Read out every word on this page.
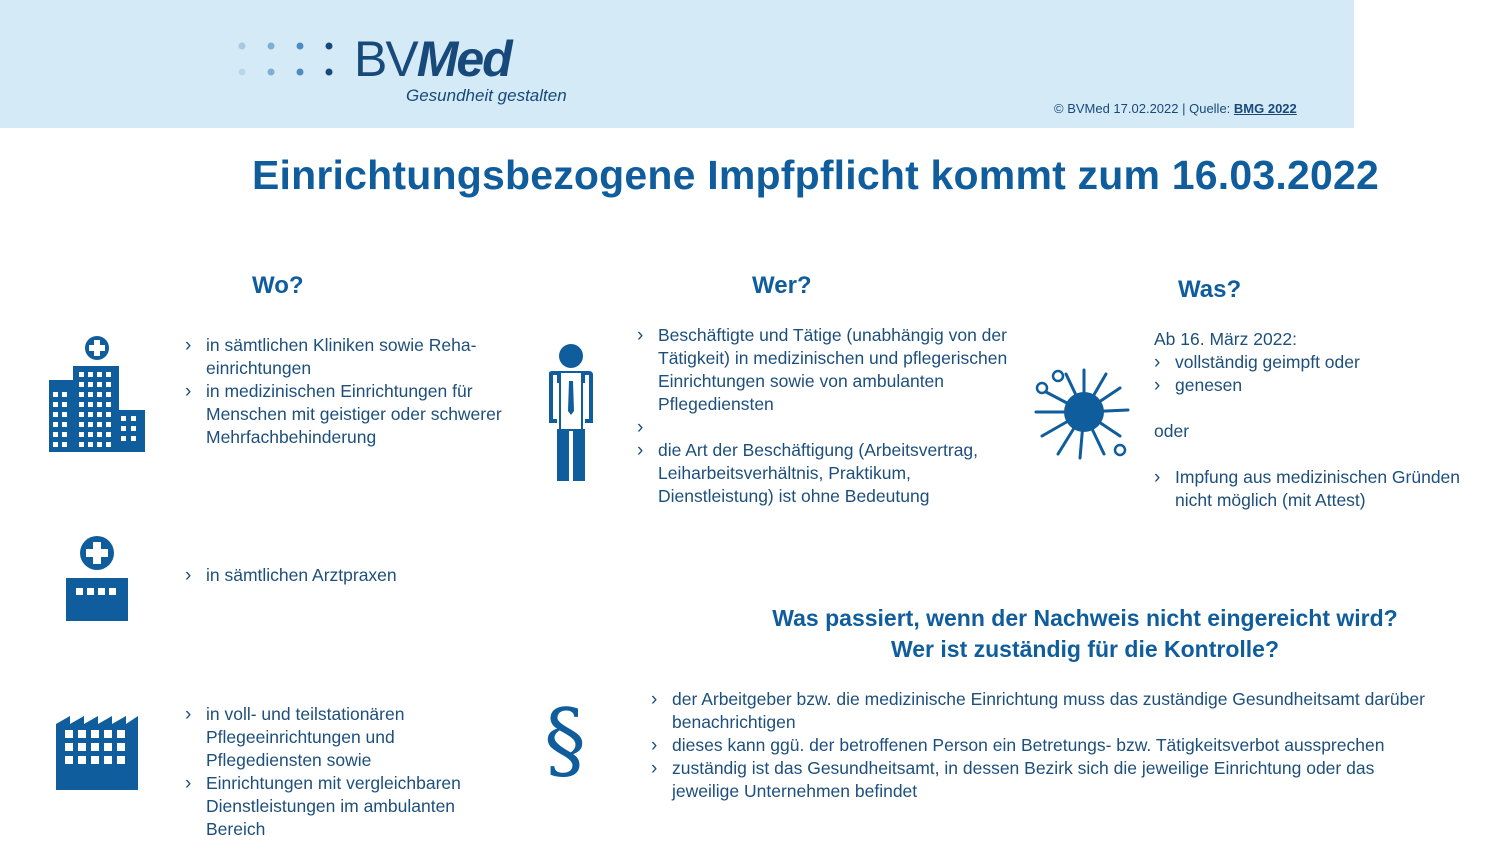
BVMed
Gesundheit gestalten
© BVMed 17.02.2022 | Quelle: BMG 2022
Einrichtungsbezogene Impfpflicht kommt zum 16.03.2022
Wo?
› in sämtlichen Kliniken sowie Rehaeinrichtungen
› in medizinischen Einrichtungen für Menschen mit geistiger oder schwerer Mehrfachbehinderung
› in sämtlichen Arztpraxen
› in voll- und teilstationären Pflegeeinrichtungen und Pflegediensten sowie
› Einrichtungen mit vergleichbaren Dienstleistungen im ambulanten Bereich
Wer?
› Beschäftigte und Tätige (unabhängig von der Tätigkeit) in medizinischen und pflegerischen Einrichtungen sowie von ambulanten Pflegediensten
›
› die Art der Beschäftigung (Arbeitsvertrag, Leiharbeitsverhältnis, Praktikum, Dienstleistung) ist ohne Bedeutung
Was?
Ab 16. März 2022:
› vollständig geimpft oder
› genesen
oder
› Impfung aus medizinischen Gründen nicht möglich (mit Attest)
Was passiert, wenn der Nachweis nicht eingereicht wird?
Wer ist zuständig für die Kontrolle?
§
›	der Arbeitgeber bzw. die medizinische Einrichtung muss das zuständige Gesundheitsamt darüber benachrichtigen
› dieses kann ggü. der betroffenen Person ein Betretungs- bzw. Tätigkeitsverbot aussprechen
› zuständig ist das Gesundheitsamt, in dessen Bezirk sich die jeweilige Einrichtung oder das jeweilige Unternehmen befindet
